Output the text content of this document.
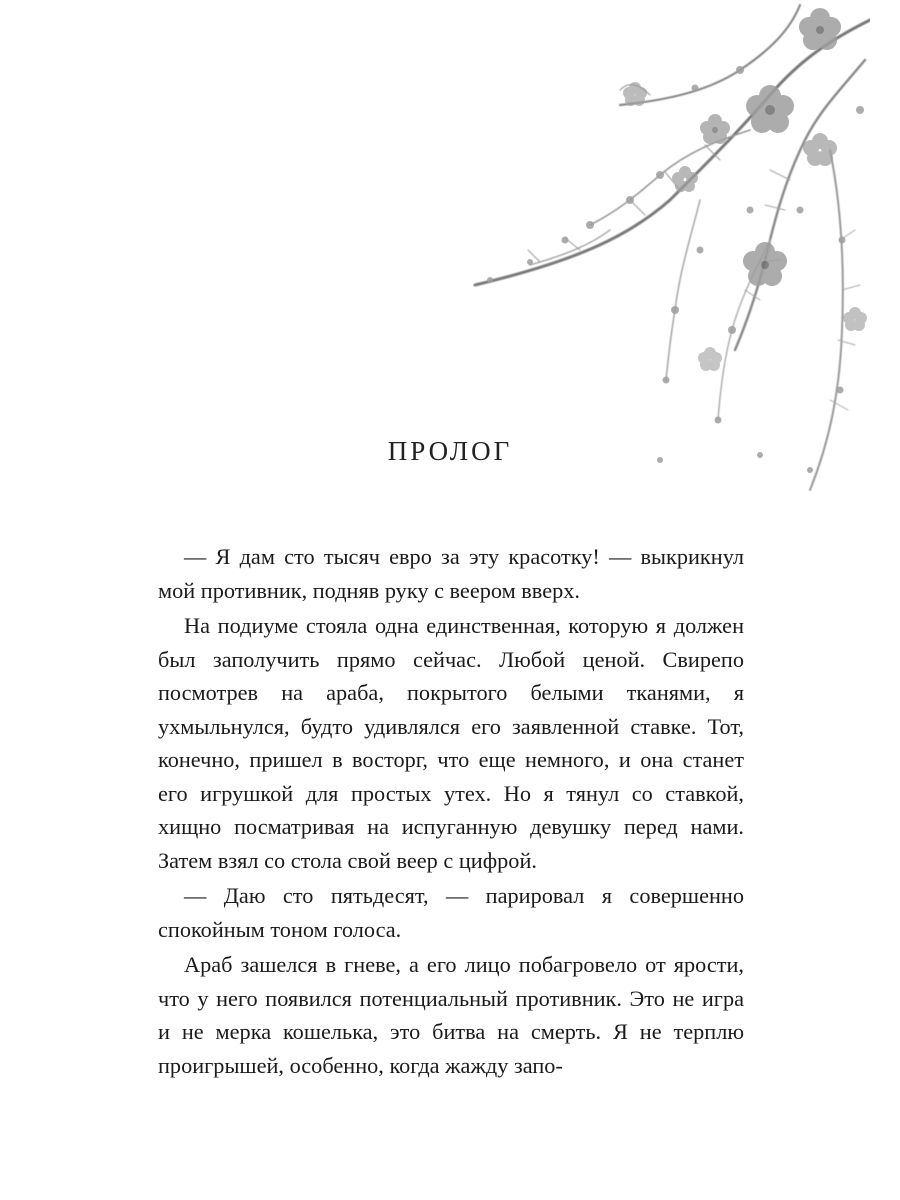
ПРОЛОГ

— Я дам сто тысяч евро за эту красотку! — выкрикнул мой противник, подняв руку с веером вверх.

На подиуме стояла одна единственная, которую я должен был заполучить прямо сейчас. Любой ценой. Свирепо посмотрев на араба, покрытого белыми тканями, я ухмыльнулся, будто удивлялся его заявленной ставке. Тот, конечно, пришел в восторг, что еще немного, и она станет его игрушкой для простых утех. Но я тянул со ставкой, хищно посматривая на испуганную девушку перед нами. Затем взял со стола свой веер с цифрой.

— Даю сто пятьдесят, — парировал я совершенно спокойным тоном голоса.

Араб зашелся в гневе, а его лицо побагровело от ярости, что у него появился потенциальный противник. Это не игра и не мерка кошелька, это битва на смерть. Я не терплю проигрышей, особенно, когда жажду запо-
